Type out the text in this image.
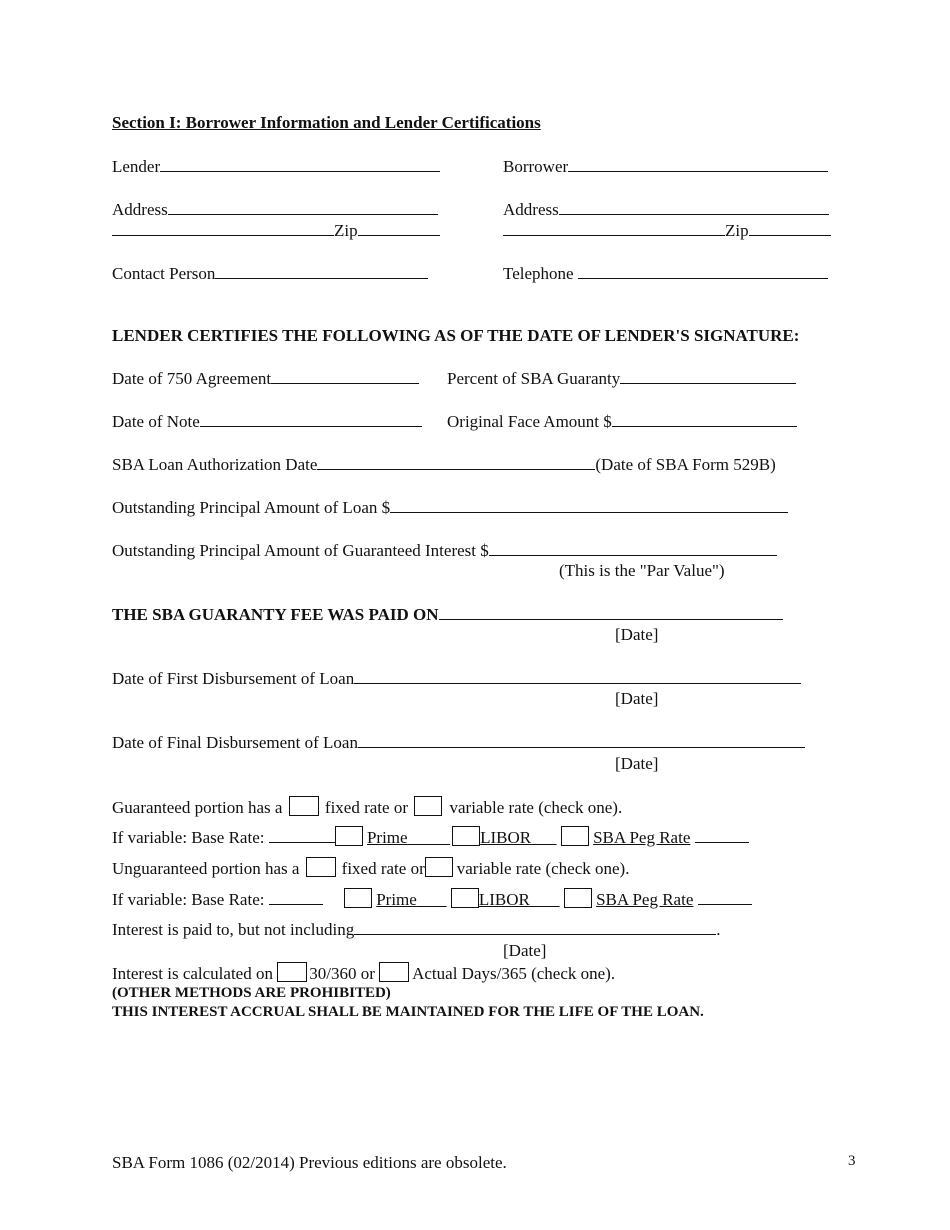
Section I: Borrower Information and Lender Certifications
Lender	Borrower
Address	Address
Zip	Zip
Contact Person	Telephone
LENDER CERTIFIES THE FOLLOWING AS OF THE DATE OF LENDER'S SIGNATURE:
Date of 750 Agreement	Percent of SBA Guaranty
Date of Note	Original Face Amount $
SBA Loan Authorization Date	(Date of SBA Form 529B)
Outstanding Principal Amount of Loan $
Outstanding Principal Amount of Guaranteed Interest $
(This is the "Par Value")
THE SBA GUARANTY FEE WAS PAID ON
[Date]
Date of First Disbursement of Loan
[Date]
Date of Final Disbursement of Loan
[Date]
Guaranteed portion has a	fixed rate or variable rate (check one).
If variable: Base Rate:	Prime	LIBOR	SBA Peg Rate
Unguaranteed portion has a fixed rate or variable rate (check one).
If variable: Base Rate:	Prime	LIBOR	SBA Peg Rate
Interest is paid to, but not including	.
[Date]
Interest is calculated on 30/360 or Actual Days/365 (check one).
(OTHER METHODS ARE PROHIBITED)
THIS INTEREST ACCRUAL SHALL BE MAINTAINED FOR THE LIFE OF THE LOAN.
SBA Form 1086 (02/2014) Previous editions are obsolete.	3
